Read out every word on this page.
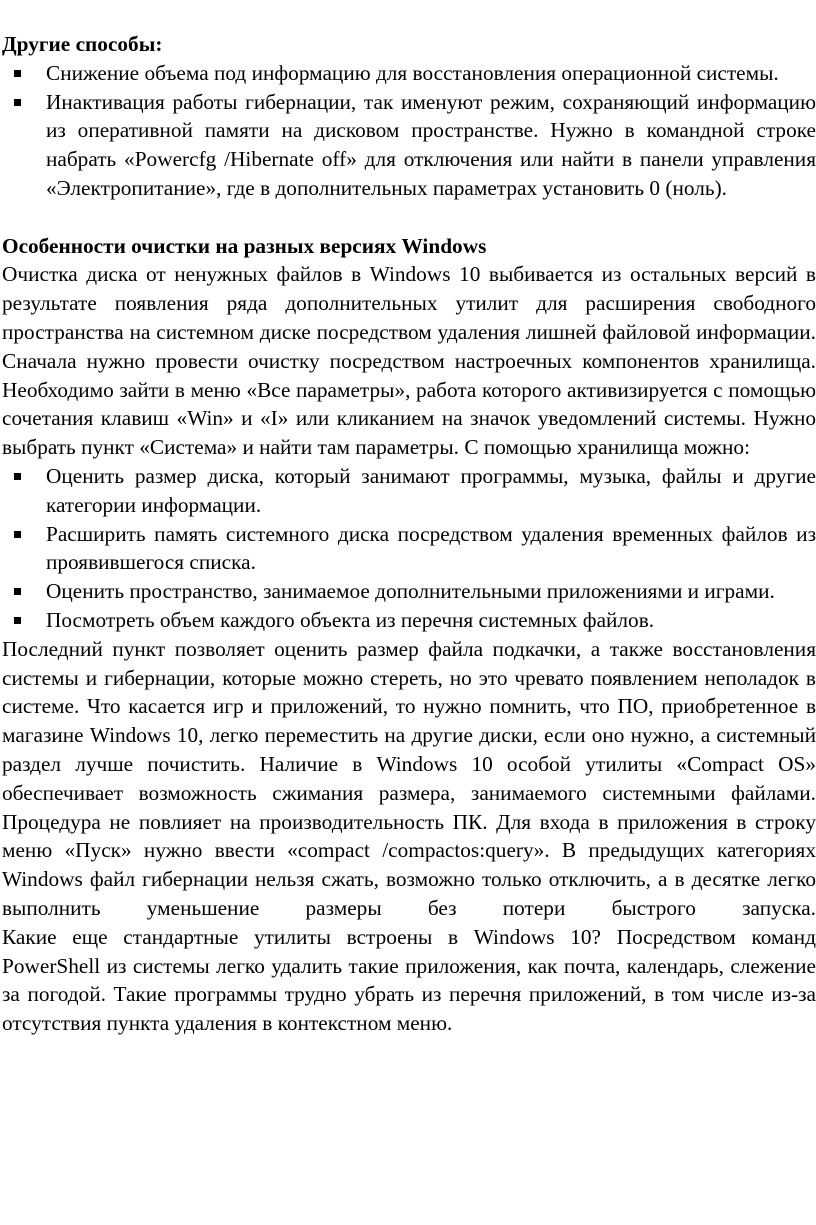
Другие способы:

Снижение объема под информацию для восстановления операционной системы.
Инактивация работы гибернации, так именуют режим, сохраняющий информацию из оперативной памяти на дисковом пространстве. Нужно в командной строке набрать «Powercfg /Hibernate off» для отключения или найти в панели управления «Электропитание», где в дополнительных параметрах установить 0 (ноль).

Особенности очистки на разных версиях Windows

Очистка диска от ненужных файлов в Windows 10 выбивается из остальных версий в результате появления ряда дополнительных утилит для расширения свободного пространства на системном диске посредством удаления лишней файловой информации. Сначала нужно провести очистку посредством настроечных компонентов хранилища. Необходимо зайти в меню «Все параметры», работа которого активизируется с помощью сочетания клавиш «Win» и «I» или кликанием на значок уведомлений системы. Нужно выбрать пункт «Система» и найти там параметры. С помощью хранилища можно:

Оценить размер диска, который занимают программы, музыка, файлы и другие категории информации.
Расширить память системного диска посредством удаления временных файлов из проявившегося списка.
Оценить пространство, занимаемое дополнительными приложениями и играми.
Посмотреть объем каждого объекта из перечня системных файлов.

Последний пункт позволяет оценить размер файла подкачки, а также восстановления системы и гибернации, которые можно стереть, но это чревато появлением неполадок в системе. Что касается игр и приложений, то нужно помнить, что ПО, приобретенное в магазине Windows 10, легко переместить на другие диски, если оно нужно, а системный раздел лучше почистить. Наличие в Windows 10 особой утилиты «Compact OS» обеспечивает возможность сжимания размера, занимаемого системными файлами. Процедура не повлияет на производительность ПК. Для входа в приложения в строку меню «Пуск» нужно ввести «compact /compactos:query». В предыдущих категориях Windows файл гибернации нельзя сжать, возможно только отключить, а в десятке легко выполнить уменьшение размеры без потери быстрого запуска.

Какие еще стандартные утилиты встроены в Windows 10? Посредством команд PowerShell из системы легко удалить такие приложения, как почта, календарь, слежение за погодой. Такие программы трудно убрать из перечня приложений, в том числе из-за отсутствия пункта удаления в контекстном меню.
